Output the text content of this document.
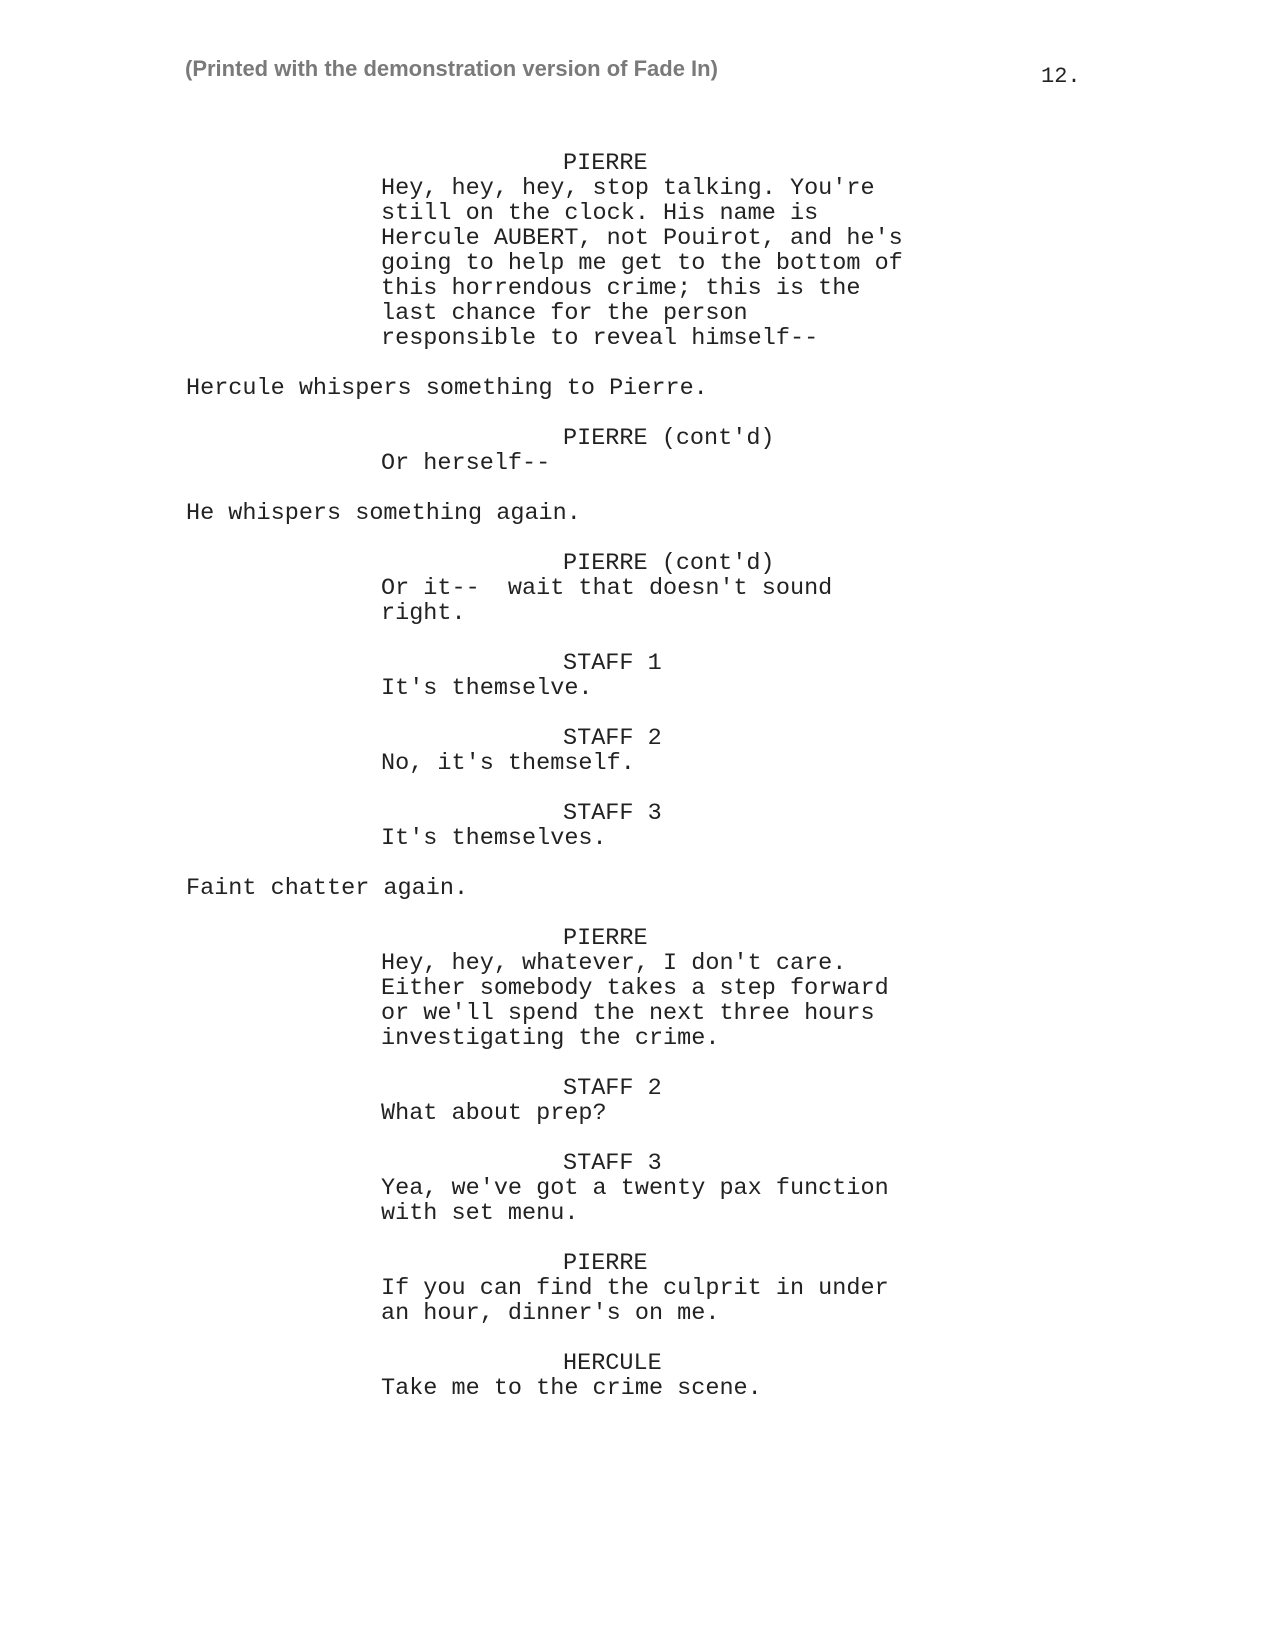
(Printed with the demonstration version of Fade In)	12.
PIERRE
Hey, hey, hey, stop talking. You're
still on the clock. His name is
Hercule AUBERT, not Pouirot, and he's
going to help me get to the bottom of
this horrendous crime; this is the
last chance for the person
responsible to reveal himself--
Hercule whispers something to Pierre.
PIERRE (cont'd)
Or herself--
He whispers something again.
PIERRE (cont'd)
Or it--  wait that doesn't sound
right.
STAFF 1
It's themselve.
STAFF 2
No, it's themself.
STAFF 3
It's themselves.
Faint chatter again.
PIERRE
Hey, hey, whatever, I don't care.
Either somebody takes a step forward
or we'll spend the next three hours
investigating the crime.
STAFF 2
What about prep?
STAFF 3
Yea, we've got a twenty pax function
with set menu.
PIERRE
If you can find the culprit in under
an hour, dinner's on me.
HERCULE
Take me to the crime scene.
